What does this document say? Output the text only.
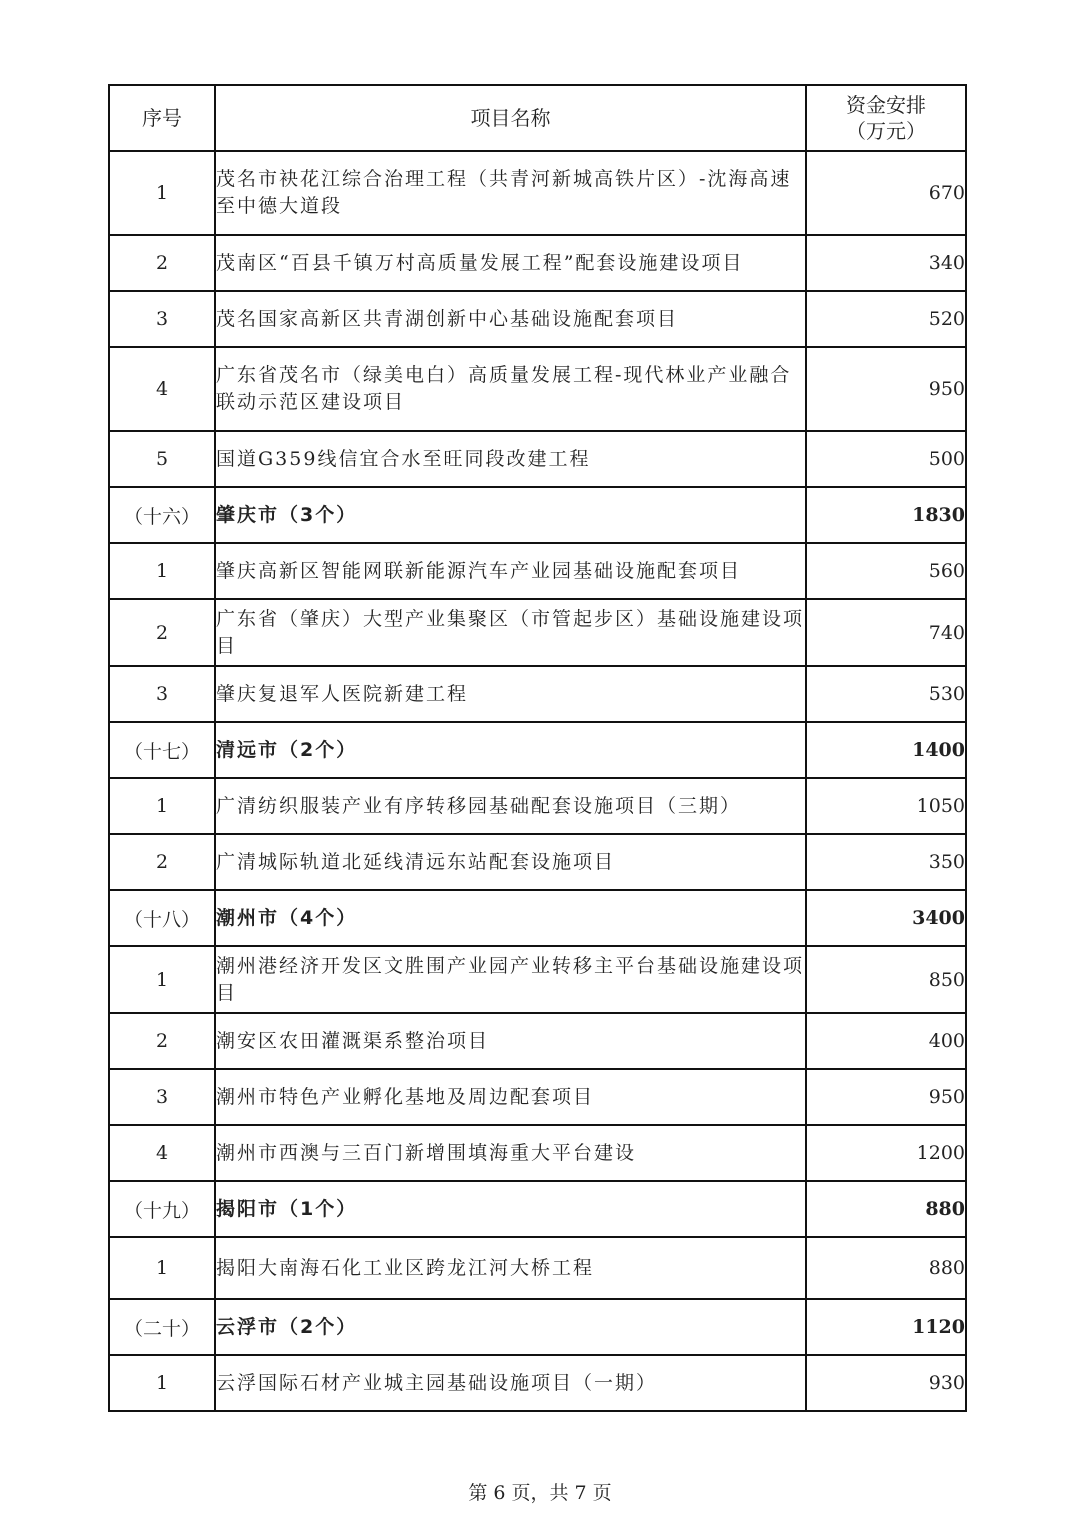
序号	项目名称	资金安排
（万元）

1	茂名市袂花江综合治理工程（共青河新城高铁片区）-沈海高速至中德大道段	670
2	茂南区“百县千镇万村高质量发展工程”配套设施建设项目	340
3	茂名国家高新区共青湖创新中心基础设施配套项目	520
4	广东省茂名市（绿美电白）高质量发展工程-现代林业产业融合联动示范区建设项目	950
5	国道G359线信宜合水至旺同段改建工程	500
（十六）	肇庆市（3个）	1830
1	肇庆高新区智能网联新能源汽车产业园基础设施配套项目	560
2	广东省（肇庆）大型产业集聚区（市管起步区）基础设施建设项目	740
3	肇庆复退军人医院新建工程	530
（十七）	清远市（2个）	1400
1	广清纺织服装产业有序转移园基础配套设施项目（三期）	1050
2	广清城际轨道北延线清远东站配套设施项目	350
（十八）	潮州市（4个）	3400
1	潮州港经济开发区文胜围产业园产业转移主平台基础设施建设项目	850
2	潮安区农田灌溉渠系整治项目	400
3	潮州市特色产业孵化基地及周边配套项目	950
4	潮州市西澳与三百门新增围填海重大平台建设	1200
（十九）	揭阳市（1个）	880
1	揭阳大南海石化工业区跨龙江河大桥工程	880
（二十）	云浮市（2个）	1120
1	云浮国际石材产业城主园基础设施项目（一期）	930
第 6 页，共 7 页
